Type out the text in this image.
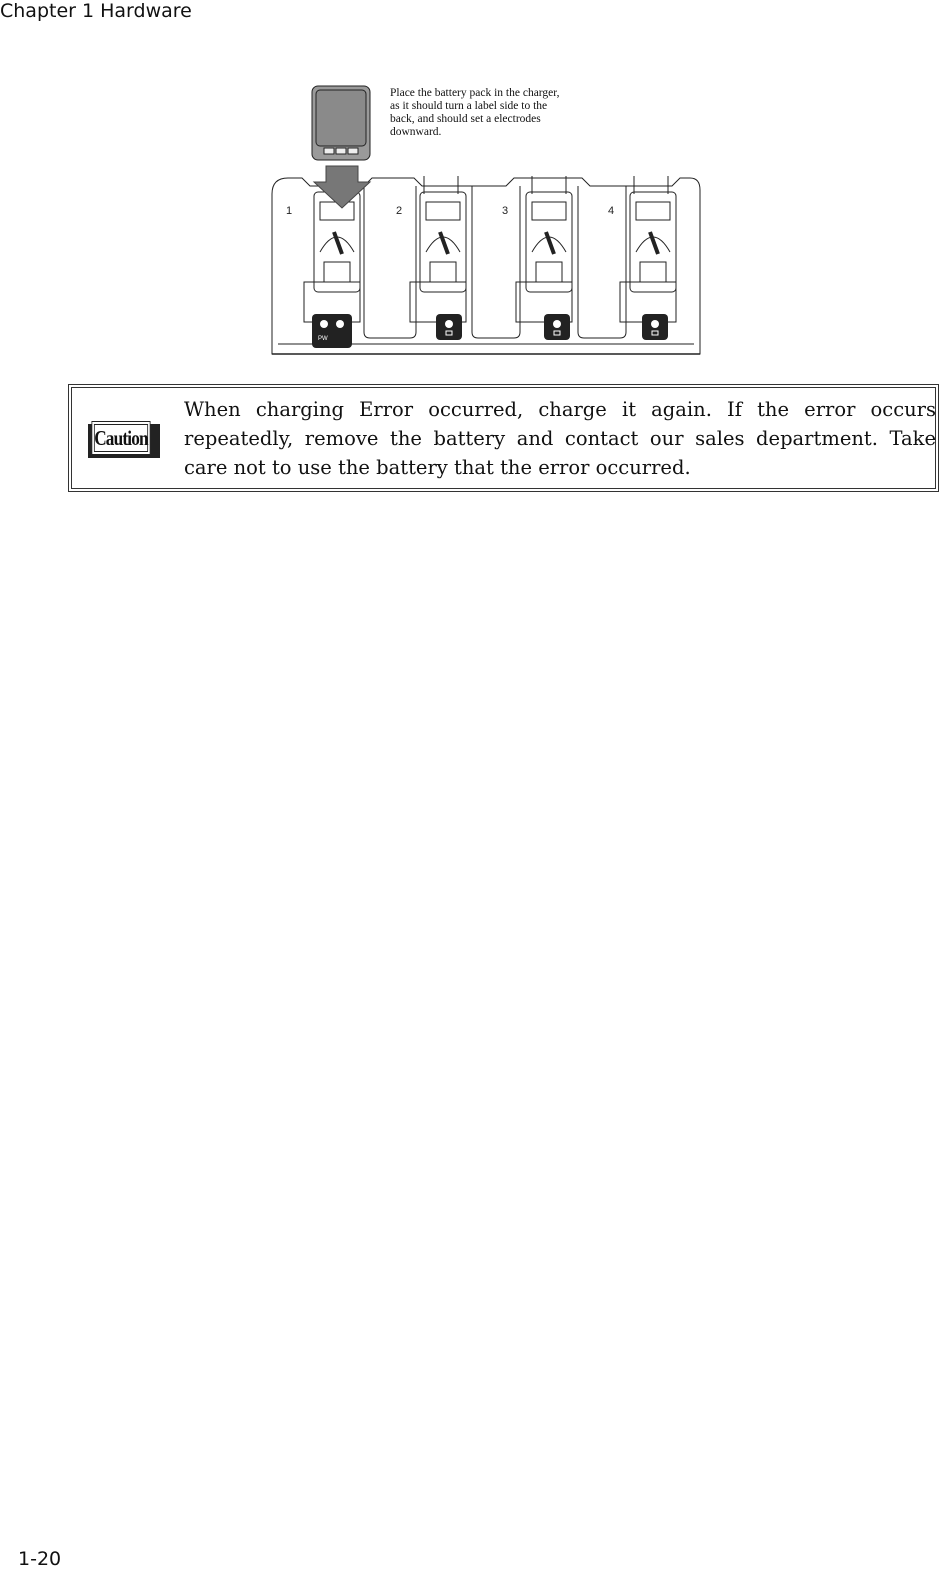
Chapter 1 Hardware
1	2	3	4
PW
Place the battery pack in the charger, as it should turn a label side to the back, and should set a electrodes downward.
Caution
When charging Error occurred, charge it again. If the error occurs repeatedly, remove the battery and contact our sales department. Take care not to use the battery that the error occurred.
1-20
